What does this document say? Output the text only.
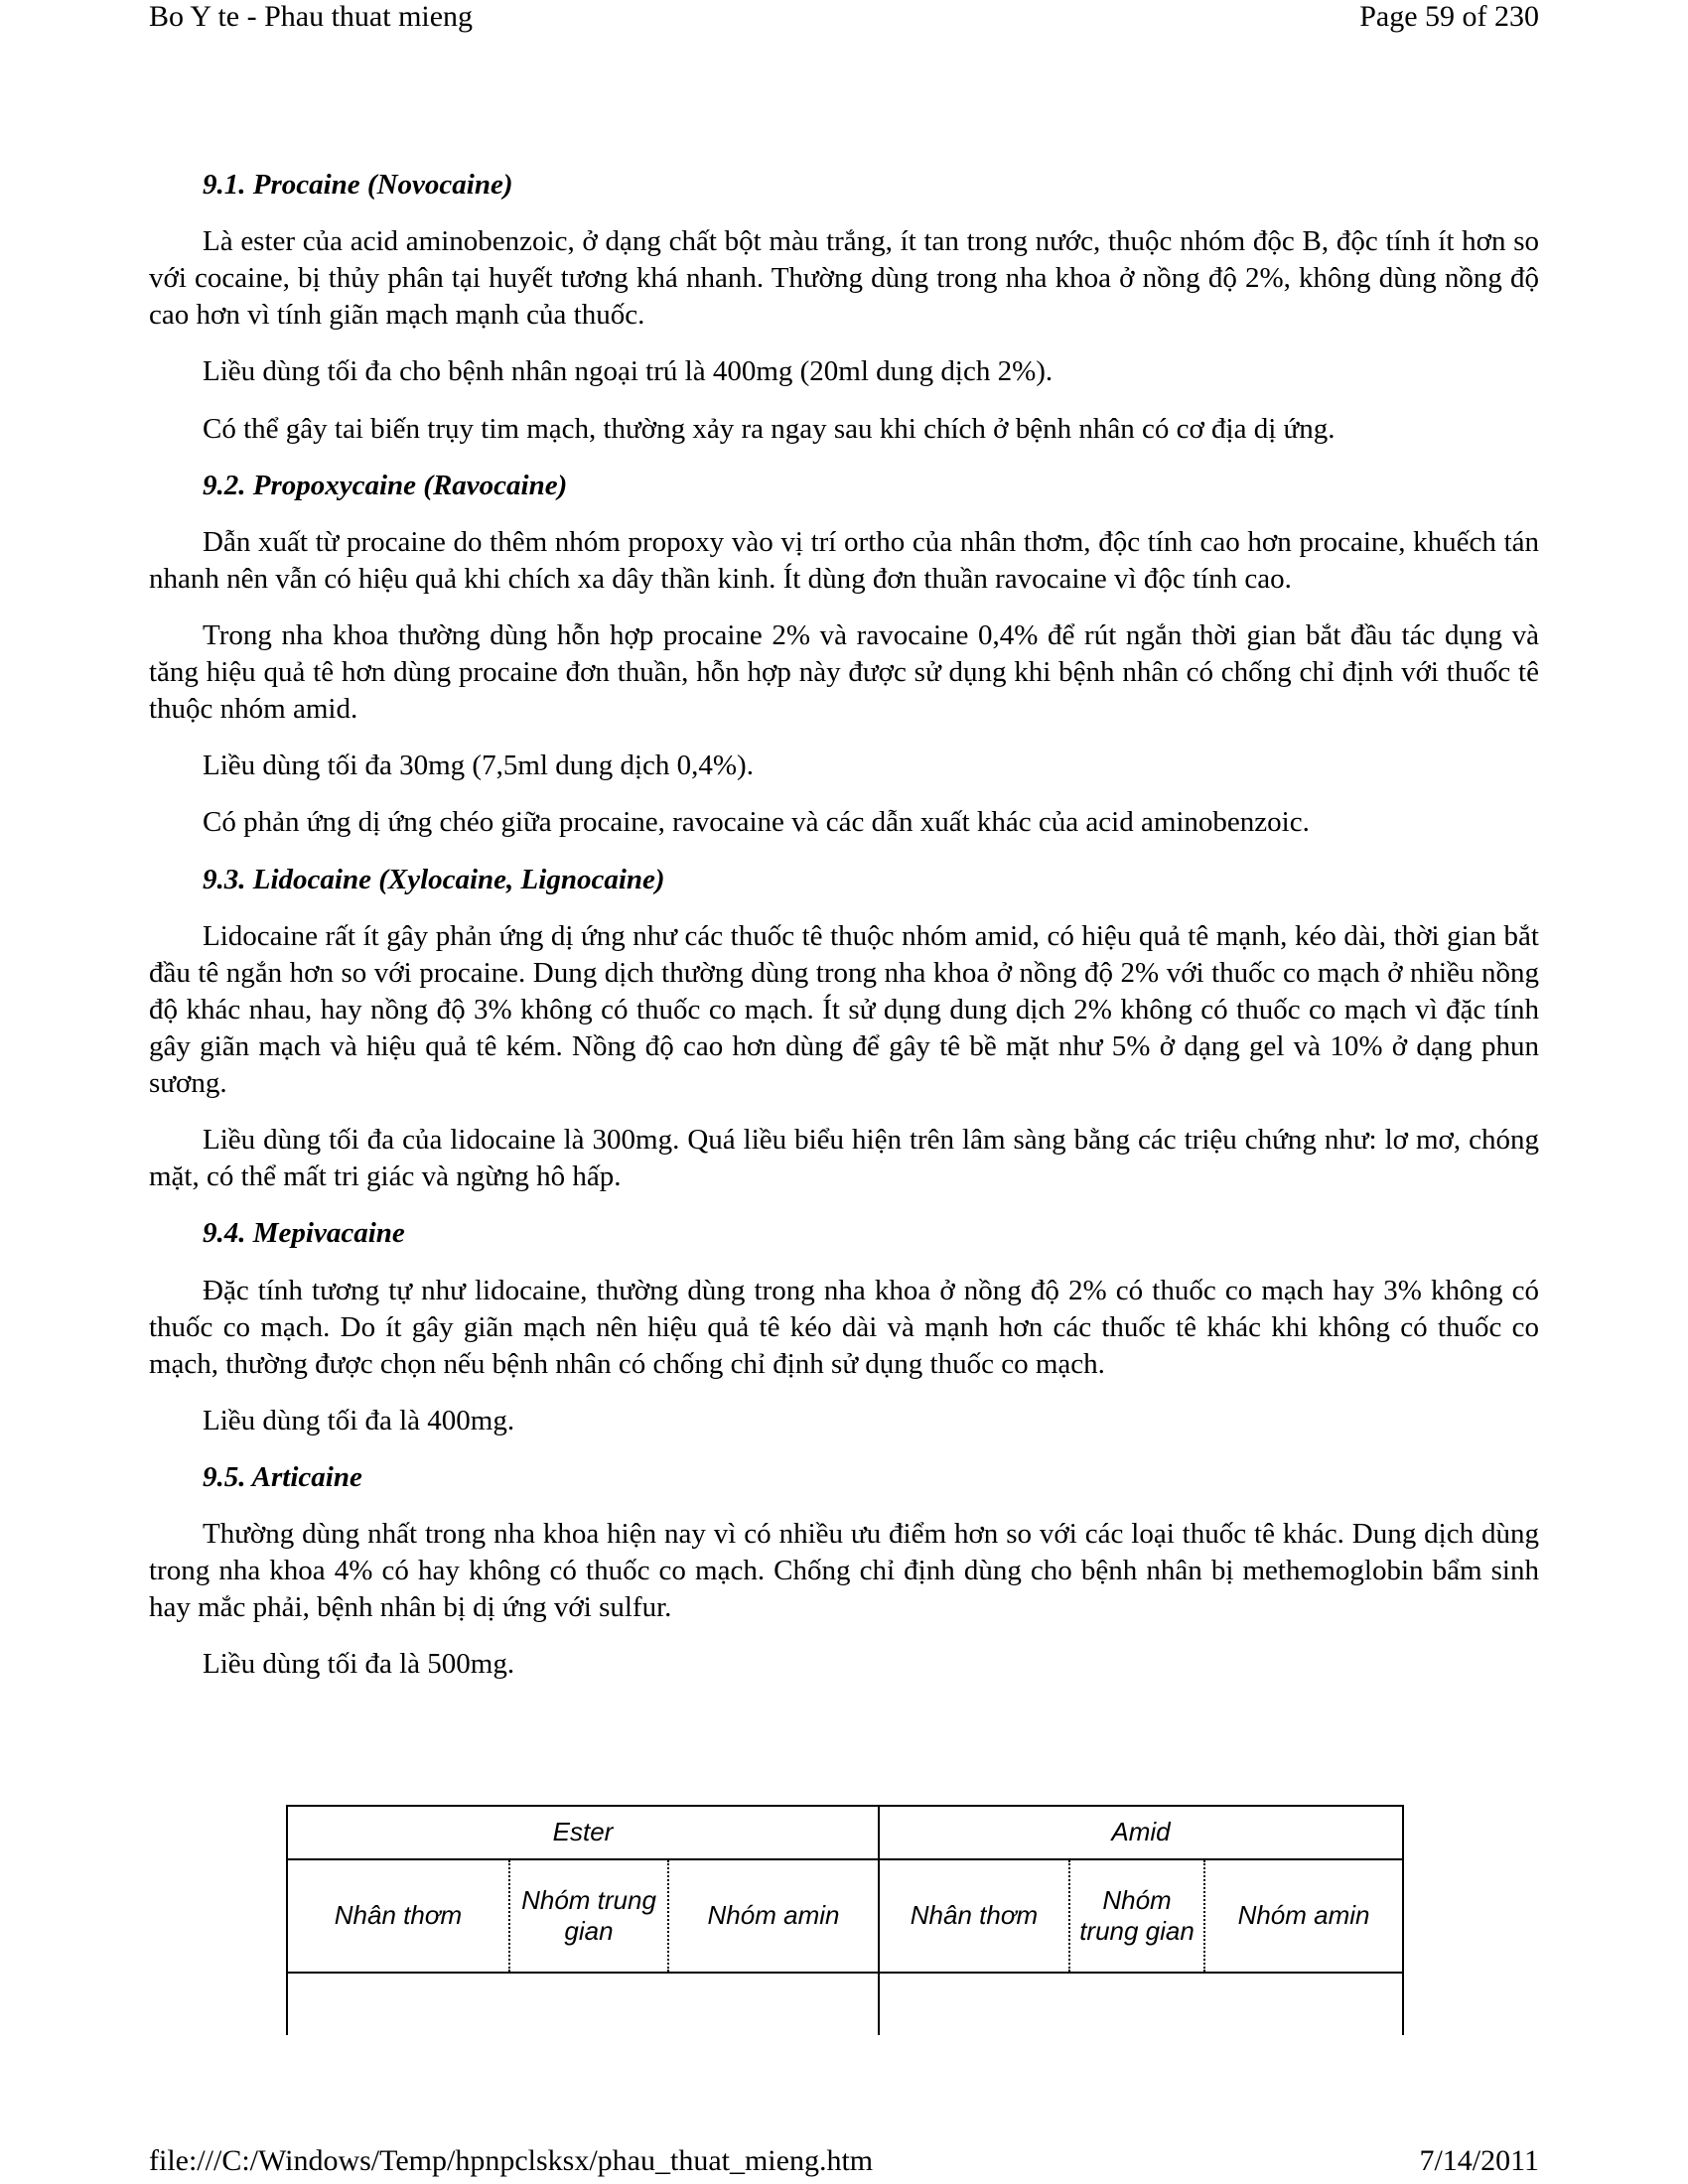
Bo Y te - Phau thuat mieng	Page 59 of 230
9.1. Procaine (Novocaine)

Là ester của acid aminobenzoic, ở dạng chất bột màu trắng, ít tan trong nước, thuộc nhóm độc B, độc tính ít hơn so với cocaine, bị thủy phân tại huyết tương khá nhanh. Thường dùng trong nha khoa ở nồng độ 2%, không dùng nồng độ cao hơn vì tính giãn mạch mạnh của thuốc.

Liều dùng tối đa cho bệnh nhân ngoại trú là 400mg (20ml dung dịch 2%).

Có thể gây tai biến trụy tim mạch, thường xảy ra ngay sau khi chích ở bệnh nhân có cơ địa dị ứng.

9.2. Propoxycaine (Ravocaine)

Dẫn xuất từ procaine do thêm nhóm propoxy vào vị trí ortho của nhân thơm, độc tính cao hơn procaine, khuếch tán nhanh nên vẫn có hiệu quả khi chích xa dây thần kinh. Ít dùng đơn thuần ravocaine vì độc tính cao.

Trong nha khoa thường dùng hỗn hợp procaine 2% và ravocaine 0,4% để rút ngắn thời gian bắt đầu tác dụng và tăng hiệu quả tê hơn dùng procaine đơn thuần, hỗn hợp này được sử dụng khi bệnh nhân có chống chỉ định với thuốc tê thuộc nhóm amid.

Liều dùng tối đa 30mg (7,5ml dung dịch 0,4%).

Có phản ứng dị ứng chéo giữa procaine, ravocaine và các dẫn xuất khác của acid aminobenzoic.

9.3. Lidocaine (Xylocaine, Lignocaine)

Lidocaine rất ít gây phản ứng dị ứng như các thuốc tê thuộc nhóm amid, có hiệu quả tê mạnh, kéo dài, thời gian bắt đầu tê ngắn hơn so với procaine. Dung dịch thường dùng trong nha khoa ở nồng độ 2% với thuốc co mạch ở nhiều nồng độ khác nhau, hay nồng độ 3% không có thuốc co mạch. Ít sử dụng dung dịch 2% không có thuốc co mạch vì đặc tính gây giãn mạch và hiệu quả tê kém. Nồng độ cao hơn dùng để gây tê bề mặt như 5% ở dạng gel và 10% ở dạng phun sương.

Liều dùng tối đa của lidocaine là 300mg. Quá liều biểu hiện trên lâm sàng bằng các triệu chứng như: lơ mơ, chóng mặt, có thể mất tri giác và ngừng hô hấp.

9.4. Mepivacaine

Đặc tính tương tự như lidocaine, thường dùng trong nha khoa ở nồng độ 2% có thuốc co mạch hay 3% không có thuốc co mạch. Do ít gây giãn mạch nên hiệu quả tê kéo dài và mạnh hơn các thuốc tê khác khi không có thuốc co mạch, thường được chọn nếu bệnh nhân có chống chỉ định sử dụng thuốc co mạch.

Liều dùng tối đa là 400mg.

9.5. Articaine

Thường dùng nhất trong nha khoa hiện nay vì có nhiều ưu điểm hơn so với các loại thuốc tê khác. Dung dịch dùng trong nha khoa 4% có hay không có thuốc co mạch. Chống chỉ định dùng cho bệnh nhân bị methemoglobin bẩm sinh hay mắc phải, bệnh nhân bị dị ứng với sulfur.

Liều dùng tối đa là 500mg.

Ester			Amid		
Nhân thơm	Nhóm trung gian	Nhóm amin	Nhân thơm	Nhóm trung gian	Nhóm amin

file:///C:/Windows/Temp/hpnpclsksx/phau_thuat_mieng.htm	7/14/2011
